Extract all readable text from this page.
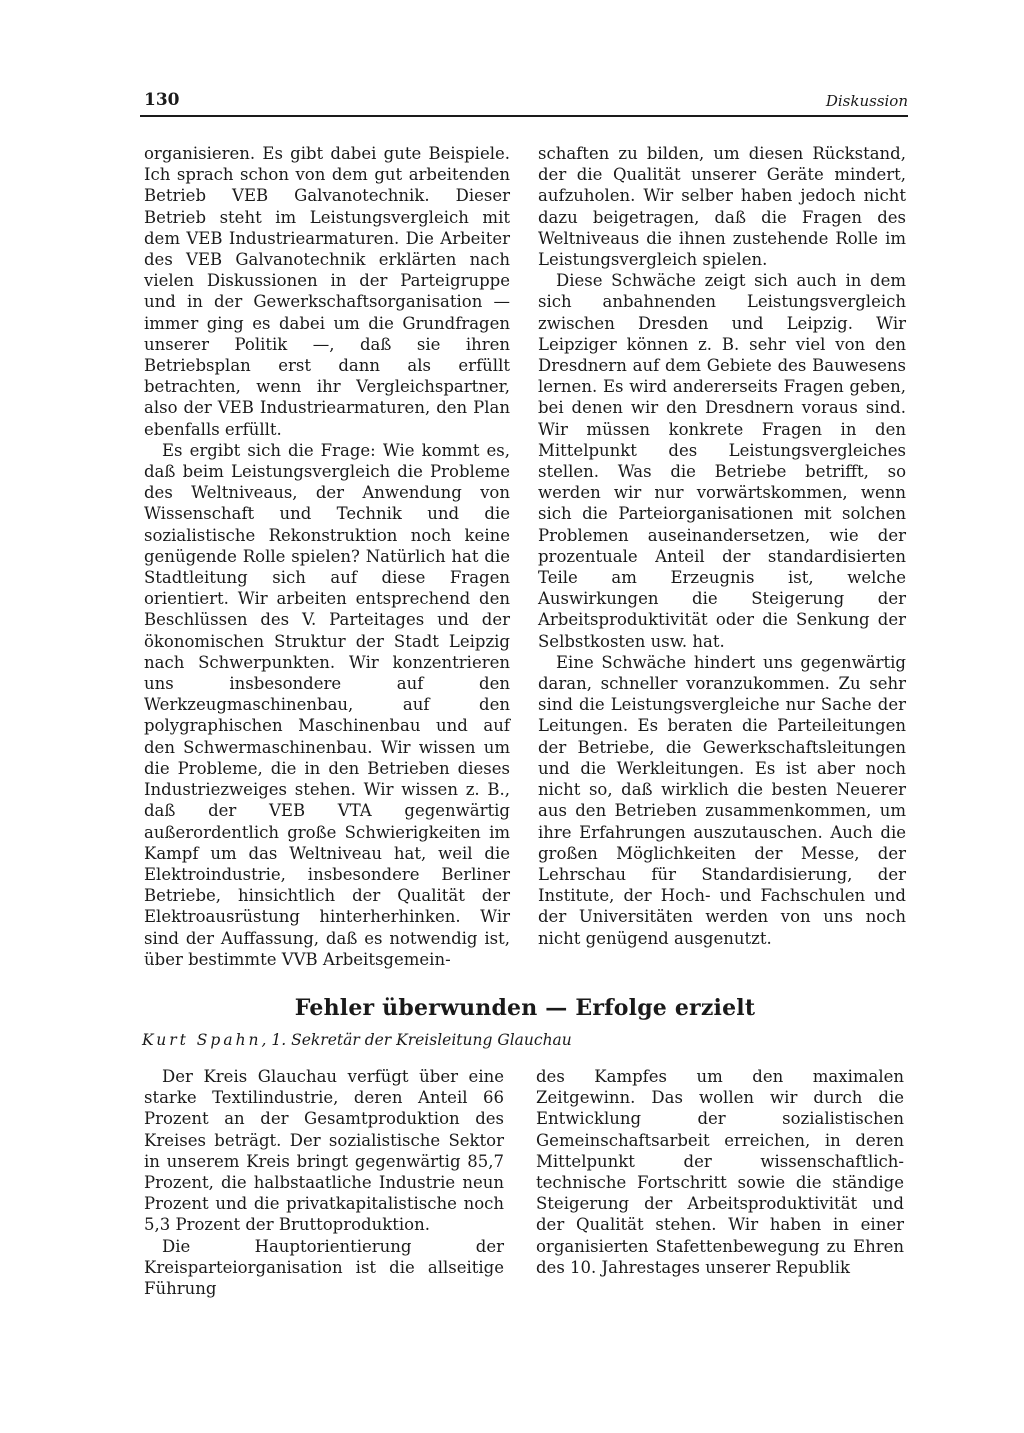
130	Diskussion

organisieren. Es gibt dabei gute Beispiele. Ich sprach schon von dem gut arbeitenden Betrieb VEB Galvanotechnik. Dieser Betrieb steht im Leistungsvergleich mit dem VEB Industriearmaturen. Die Arbeiter des VEB Galvanotechnik erklärten nach vielen Diskussionen in der Parteigruppe und in der Gewerkschaftsorganisation — immer ging es dabei um die Grundfragen unserer Politik —, daß sie ihren Betriebsplan erst dann als erfüllt betrachten, wenn ihr Vergleichspartner, also der VEB Industriearmaturen, den Plan ebenfalls erfüllt.

Es ergibt sich die Frage: Wie kommt es, daß beim Leistungsvergleich die Probleme des Weltniveaus, der Anwendung von Wissenschaft und Technik und die sozialistische Rekonstruktion noch keine genügende Rolle spielen? Natürlich hat die Stadtleitung sich auf diese Fragen orientiert. Wir arbeiten entsprechend den Beschlüssen des V. Parteitages und der ökonomischen Struktur der Stadt Leipzig nach Schwerpunkten. Wir konzentrieren uns insbesondere auf den Werkzeugmaschinenbau, auf den polygraphischen Maschinenbau und auf den Schwermaschinenbau. Wir wissen um die Probleme, die in den Betrieben dieses Industriezweiges stehen. Wir wissen z. B., daß der VEB VTA gegenwärtig außerordentlich große Schwierigkeiten im Kampf um das Weltniveau hat, weil die Elektroindustrie, insbesondere Berliner Betriebe, hinsichtlich der Qualität der Elektroausrüstung hinterherhinken. Wir sind der Auffassung, daß es notwendig ist, über bestimmte VVB Arbeitsgemein-

schaften zu bilden, um diesen Rückstand, der die Qualität unserer Geräte mindert, aufzuholen. Wir selber haben jedoch nicht dazu beigetragen, daß die Fragen des Weltniveaus die ihnen zustehende Rolle im Leistungsvergleich spielen.

Diese Schwäche zeigt sich auch in dem sich anbahnenden Leistungsvergleich zwischen Dresden und Leipzig. Wir Leipziger können z. B. sehr viel von den Dresdnern auf dem Gebiete des Bauwesens lernen. Es wird andererseits Fragen geben, bei denen wir den Dresdnern voraus sind. Wir müssen konkrete Fragen in den Mittelpunkt des Leistungsvergleiches stellen. Was die Betriebe betrifft, so werden wir nur vorwärtskommen, wenn sich die Parteiorganisationen mit solchen Problemen auseinandersetzen, wie der prozentuale Anteil der standardisierten Teile am Erzeugnis ist, welche Auswirkungen die Steigerung der Arbeitsproduktivität oder die Senkung der Selbstkosten usw. hat.

Eine Schwäche hindert uns gegenwärtig daran, schneller voranzukommen. Zu sehr sind die Leistungsvergleiche nur Sache der Leitungen. Es beraten die Parteileitungen der Betriebe, die Gewerkschaftsleitungen und die Werkleitungen. Es ist aber noch nicht so, daß wirklich die besten Neuerer aus den Betrieben zusammenkommen, um ihre Erfahrungen auszutauschen. Auch die großen Möglichkeiten der Messe, der Lehrschau für Standardisierung, der Institute, der Hoch- und Fachschulen und der Universitäten werden von uns noch nicht genügend ausgenutzt.

Fehler überwunden — Erfolge erzielt
Kurt Spahn, 1. Sekretär der Kreisleitung Glauchau

Der Kreis Glauchau verfügt über eine starke Textilindustrie, deren Anteil 66 Prozent an der Gesamtproduktion des Kreises beträgt. Der sozialistische Sektor in unserem Kreis bringt gegenwärtig 85,7 Prozent, die halbstaatliche Industrie neun Prozent und die privatkapitalistische noch 5,3 Prozent der Bruttoproduktion.

Die Hauptorientierung der Kreisparteiorganisation ist die allseitige Führung

des Kampfes um den maximalen Zeitgewinn. Das wollen wir durch die Entwicklung der sozialistischen Gemeinschaftsarbeit erreichen, in deren Mittelpunkt der wissenschaftlich-technische Fortschritt sowie die ständige Steigerung der Arbeitsproduktivität und der Qualität stehen. Wir haben in einer organisierten Stafettenbewegung zu Ehren des 10. Jahrestages unserer Republik
